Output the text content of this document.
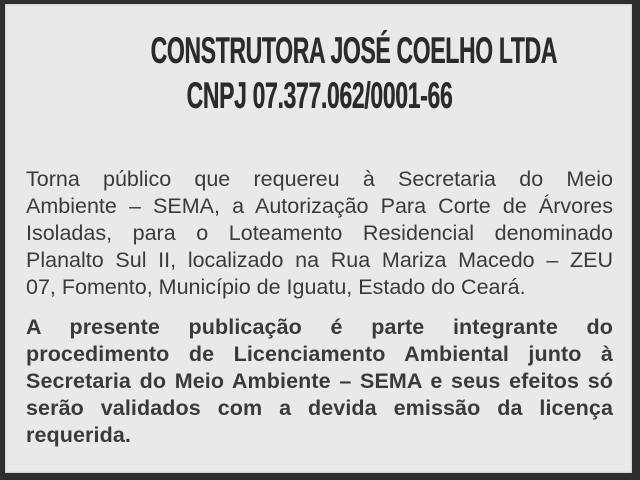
CONSTRUTORA JOSÉ COELHO LTDA
CNPJ 07.377.062/0001-66
Torna público que requereu à Secretaria do Meio
Ambiente – SEMA, a Autorização Para Corte de Árvores
Isoladas, para o Loteamento Residencial denominado
Planalto Sul II, localizado na Rua Mariza Macedo – ZEU
07, Fomento, Município de Iguatu, Estado do Ceará.
A presente publicação é parte integrante do
procedimento de Licenciamento Ambiental junto à
Secretaria do Meio Ambiente – SEMA e seus efeitos só
serão validados com a devida emissão da licença
requerida.
